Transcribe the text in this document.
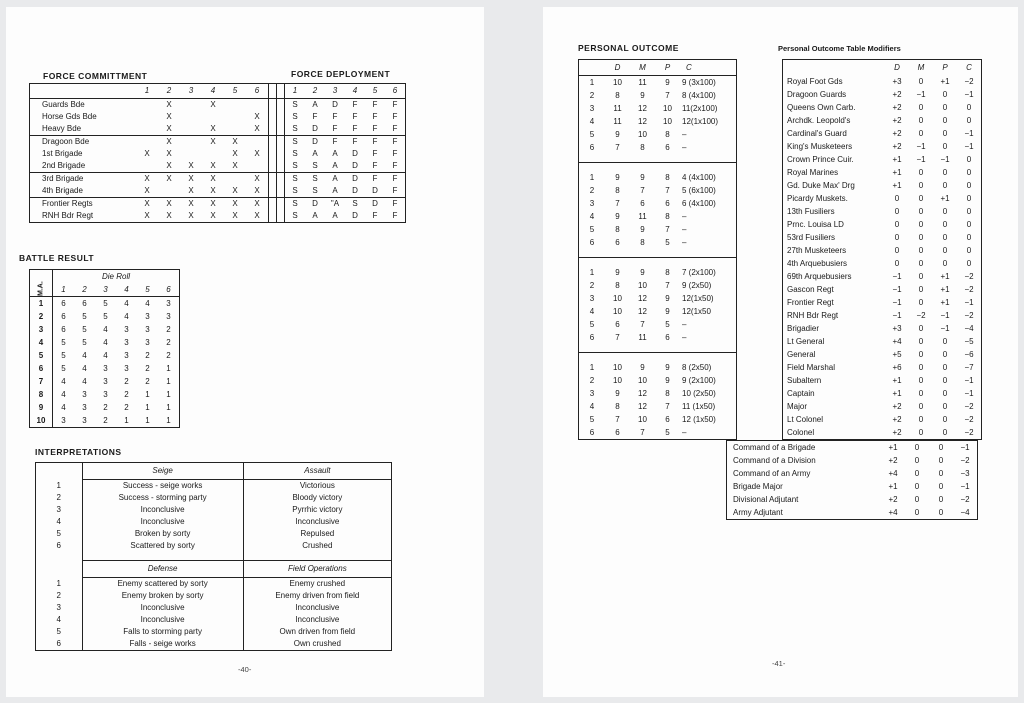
FORCE COMMITTMENT	FORCE DEPLOYMENT
	1	2	3	4	5	6			1	2	3	4	5	6
Guards Bde		X		X					S	A	D	F	F	F
Horse Gds Bde		X				X			S	F	F	F	F	F
Heavy Bde		X		X		X			S	D	F	F	F	F
Dragoon Bde		X		X	X				S	D	F	F	F	F
1st Brigade	X	X			X	X			S	A	A	D	F	F
2nd Brigade		X	X	X	X				S	S	A	D	F	F
3rd Brigade	X	X	X	X		X			S	S	A	D	F	F
4th Brigade	X		X	X	X	X			S	S	A	D	D	F
Frontier Regts	X	X	X	X	X	X			S	D	"A	S	D	F
RNH Bdr Regt	X	X	X	X	X	X			S	A	A	D	F	F
BATTLE RESULT
M.A.	Die Roll					
	1	2	3	4	5	6
1	6	6	5	4	4	3
2	6	5	5	4	3	3
3	6	5	4	3	3	2
4	5	5	4	3	3	2
5	5	4	4	3	2	2
6	5	4	3	3	2	1
7	4	4	3	2	2	1
8	4	3	3	2	1	1
9	4	3	2	2	1	1
10	3	3	2	1	1	1
INTERPRETATIONS
	Seige	Assault
1	Success - seige works	Victorious
2	Success - storming party	Bloody victory
3	Inconclusive	Pyrrhic victory
4	Inconclusive	Inconclusive
5	Broken by sorty	Repulsed
6	Scattered by sorty	Crushed

	Defense	Field Operations
1	Enemy scattered by sorty	Enemy crushed
2	Enemy broken by sorty	Enemy driven from field
3	Inconclusive	Inconclusive
4	Inconclusive	Inconclusive
5	Falls to storming party	Own driven from field
6	Falls - seige works	Own crushed
-40-
PERSONAL OUTCOME	Personal Outcome Table Modifiers
	D	M	P	C
1	10	11	9	9 (3x100)
2	8	9	7	8 (4x100)
3	11	12	10	11(2x100)
4	11	12	10	12(1x100)
5	9	10	8	–
6	7	8	6	–

1	9	9	8	4 (4x100)
2	8	7	7	5 (6x100)
3	7	6	6	6 (4x100)
4	9	11	8	–
5	8	9	7	–
6	6	8	5	–

1	9	9	8	7 (2x100)
2	8	10	7	9 (2x50)
3	10	12	9	12(1x50)
4	10	12	9	12(1x50
5	6	7	5	–
6	7	11	6	–

1	10	9	9	8 (2x50)
2	10	10	9	9 (2x100)
3	9	12	8	10 (2x50)
4	8	12	7	11 (1x50)
5	7	10	6	12 (1x50)
6	6	7	5	–
	D	M	P	C
Royal Foot Gds	+3	0	+1	−2
Dragoon Guards	+2	−1	0	−1
Queens Own Carb.	+2	0	0	0
Archdk. Leopold's	+2	0	0	0
Cardinal's Guard	+2	0	0	−1
King's Musketeers	+2	−1	0	−1
Crown Prince Cuir.	+1	−1	−1	0
Royal Marines	+1	0	0	0
Gd. Duke Max' Drg	+1	0	0	0
Picardy Muskets.	0	0	+1	0
13th Fusiliers	0	0	0	0
Prnc. Louisa LD	0	0	0	0
53rd Fusiliers	0	0	0	0
27th Musketeers	0	0	0	0
4th Arquebusiers	0	0	0	0
69th Arquebusiers	−1	0	+1	−2
Gascon Regt	−1	0	+1	−2
Frontier Regt	−1	0	+1	−1
RNH Bdr Regt	−1	−2	−1	−2
Brigadier	+3	0	−1	−4
Lt General	+4	0	0	−5
General	+5	0	0	−6
Field Marshal	+6	0	0	−7
Subaltern	+1	0	0	−1
Captain	+1	0	0	−1
Major	+2	0	0	−2
Lt Colonel	+2	0	0	−2
Colonel	+2	0	0	−2
Command of a Brigade	+1	0	0	−1
Command of a Division	+2	0	0	−2
Command of an Army	+4	0	0	−3
Brigade Major	+1	0	0	−1
Divisional Adjutant	+2	0	0	−2
Army Adjutant	+4	0	0	−4
-41-
